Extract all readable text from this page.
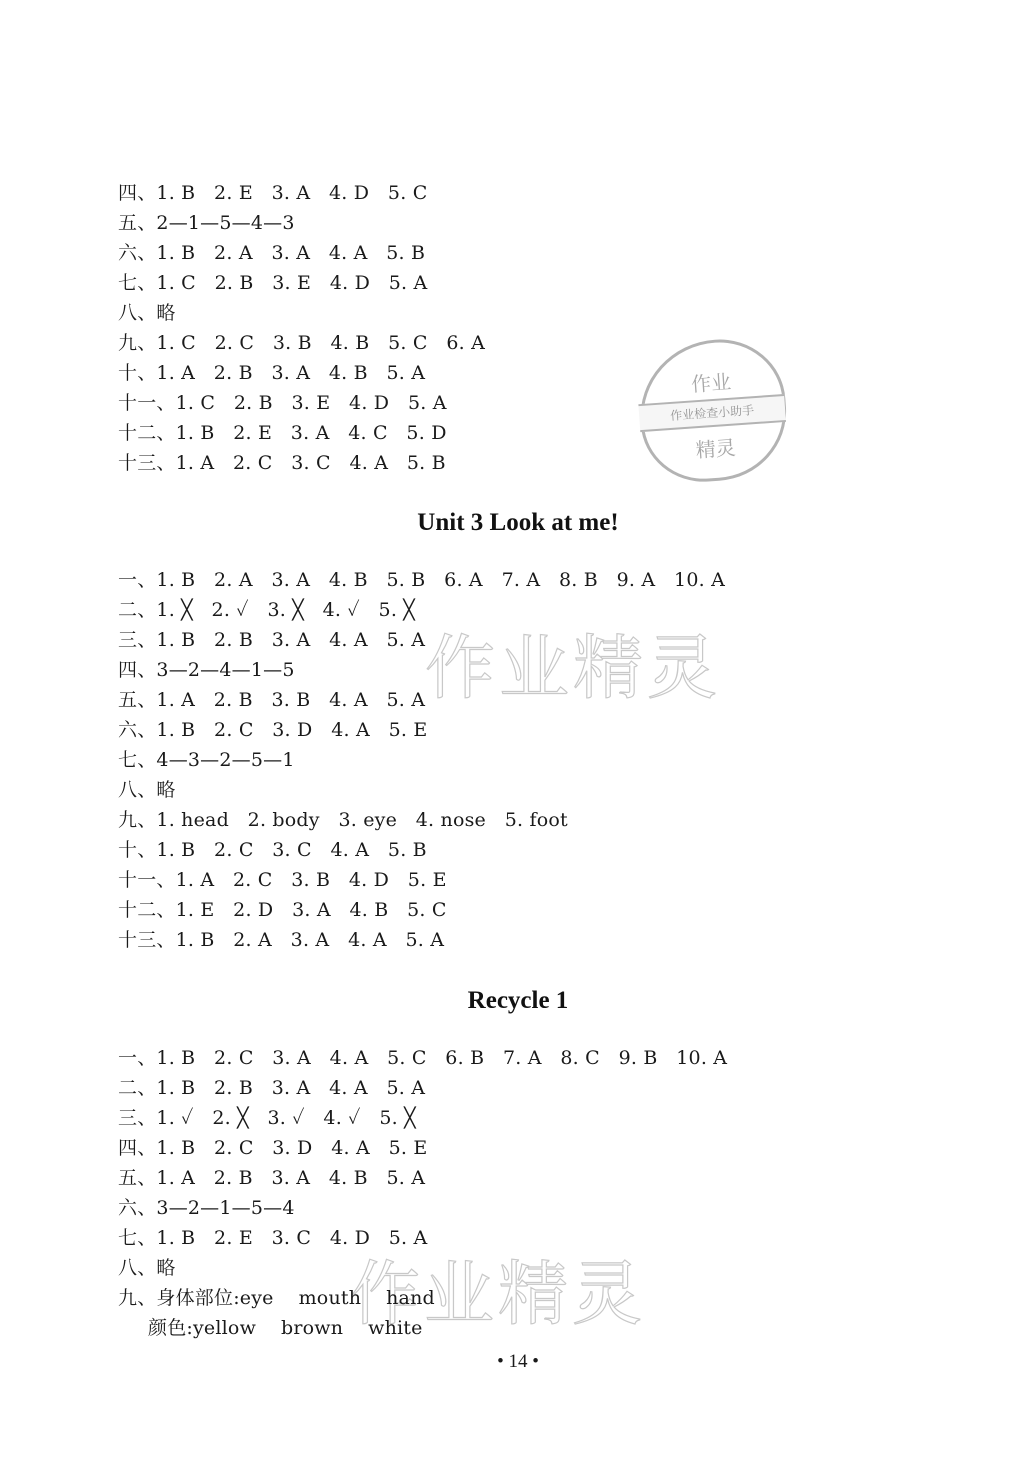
作业精灵
作业精灵
作业
作业检查小助手
精灵
四、1. B   2. E   3. A   4. D   5. C
五、2—1—5—4—3
六、1. B   2. A   3. A   4. A   5. B
七、1. C   2. B   3. E   4. D   5. A
八、略
九、1. C   2. C   3. B   4. B   5. C   6. A
十、1. A   2. B   3. A   4. B   5. A
十一、1. C   2. B   3. E   4. D   5. A
十二、1. B   2. E   3. A   4. C   5. D
十三、1. A   2. C   3. C   4. A   5. B
Unit 3 Look at me!
一、1. B   2. A   3. A   4. B   5. B   6. A   7. A   8. B   9. A   10. A
二、1. ╳   2. ✓   3. ╳   4. ✓   5. ╳
三、1. B   2. B   3. A   4. A   5. A
四、3—2—4—1—5
五、1. A   2. B   3. B   4. A   5. A
六、1. B   2. C   3. D   4. A   5. E
七、4—3—2—5—1
八、略
九、1. head   2. body   3. eye   4. nose   5. foot
十、1. B   2. C   3. C   4. A   5. B
十一、1. A   2. C   3. B   4. D   5. E
十二、1. E   2. D   3. A   4. B   5. C
十三、1. B   2. A   3. A   4. A   5. A
Recycle 1
一、1. B   2. C   3. A   4. A   5. C   6. B   7. A   8. C   9. B   10. A
二、1. B   2. B   3. A   4. A   5. A
三、1. ✓   2. ╳   3. ✓   4. ✓   5. ╳
四、1. B   2. C   3. D   4. A   5. E
五、1. A   2. B   3. A   4. B   5. A
六、3—2—1—5—4
七、1. B   2. E   3. C   4. D   5. A
八、略
九、身体部位:eye    mouth    hand
颜色:yellow    brown    white
• 14 •
